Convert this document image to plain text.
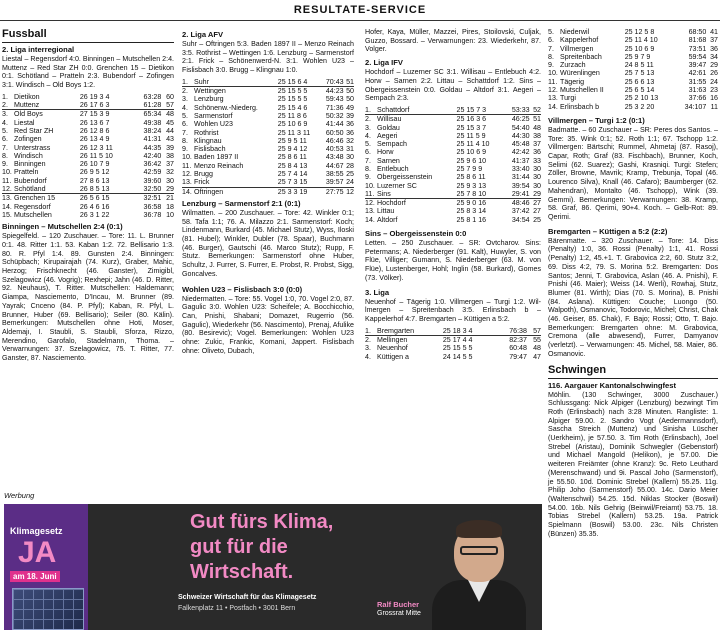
RESULTATE-SERVICE
Fussball
2. Liga interregional
Liestal – Regensdorf 4:0. Binningen – Mutschellen 2:4. Muttenz – Red Star ZH 0:0. Grenchen 15 – Dietikon 0:1. Schötland – Pratteln 2:3. Bubendorf – Zofingen 3:1. Windisch – Old Boys 1:2.
1.	Dietikon	26 19 3 4	63:28	60
2.	Muttenz	26 17 6 3	61:28	57
3.	Old Boys	27 15 3 9	65:34	48
4.	Liestal	26 13 6 7	49:38	45
5.	Red Star ZH	26 12 8 6	38:24	44
6.	Zofingen	26 13 4 9	41:31	43
7.	Unterstrass	26 12 3 11	44:35	39
8.	Windisch	26 11 5 10	42:40	38
9.	Binningen	26 10 7 9	36:42	37
10.	Pratteln	26 9 5 12	42:59	32
11.	Bubendorf	27 8 6 13	39:60	30
12.	Schötland	26 8 5 13	32:50	29
13.	Grenchen 15	26 5 6 15	32:51	21
14.	Regensdorf	26 4 6 16	36:58	18
15.	Mutschellen	26 3 1 22	36:78	10
Binningen – Mutschellen 2:4 (0:1)
Spiegelfeld. – 120 Zuschauer. – Tore: 11. L. Brunner 0:1. 48. Ritter 1:1. 53. Kaban 1:2. 72. Bellisario 1:3. 80. R. Pfyl 1:4. 89. Gunsten 2:4. Binningen: Schüpbach; Kirupairajah (74. Kurz), Graber, Mahic, Herzog; Frischknecht (46. Ganster), Zimigibl, Szelagowicz (46. Vogrig); Rexhepi; Jahn (46. D. Ritter, 92. Neuhaus), T. Ritter. Mutschellen: Haldemann; Giampa, Nasciemento, D'Incau, M. Brunner (89. Yayrak; Cnceno (84. P. Pfyl); Kaban, R. Pfyl, L. Brunner, Huber (69. Bellisario); Seiler (80. Kälin). Bemerkungen: Mutschellen ohne Hoti, Moser, Aldemajı, I. Staubli, S. Staubli, Sforza, Rizzo, Merendino, Garofalo, Stadelmann, Thoma. – Verwarnungen: 37. Szelagowicz, 75. T. Ritter, 77. Ganster, 87. Nasciemento.
2. Liga AFV
Suhr – Oftringen 5:3. Baden 1897 II – Menzo Reinach 3:5. Rothrist – Wettingen 1:6. Lenzburg – Sarmenstorf 2:1. Frick – Schönenwerd-N. 3:1. Wohlen U23 – Fislisbach 3:0. Brugg – Klingnau 1:0.
1.	Suhr	25 15 6 4	70:43	51
2.	Wettingen	25 15 5 5	44:23	50
3.	Lenzburg	25 15 5 5	59:43	50
4.	Schönenw.-Niederg.	25 15 4 6	71:36	49
5.	Sarmenstorf	25 11 8 6	50:32	39
6.	Wohlen U23	25 10 6 9	41:44	36
7.	Rothrist	25 11 3 11	60:50	36
8.	Klingnau	25 9 5 11	46:46	32
9.	Fislisbach	25 9 4 12	40:53	31
10.	Baden 1897 II	25 8 6 11	43:48	30
11.	Menzo Reinach	25 8 4 13	44:67	28
12.	Brugg	25 7 4 14	38:55	25
13.	Frick	25 7 3 15	39:57	24
14.	Oftringen	25 3 3 19	27:75	12
Lenzburg – Sarmenstorf 2:1 (0:1)
Wilmatten. – 200 Zuschauer. – Tore: 42. Winkler 0:1; 58. Tafa 1:1; 76. A. Milazzo 2:1. Sarmenstorf: Koch; Lindenmann, Burkard (45. Michael Stutz), Wyss, Iloski (81. Hubel); Winkler, Dubler (78. Spaar), Buchmann (46. Burger), Gautschi (46. Marco Stutz); Rupp, F. Stutz. Bemerkungen: Sarmenstorf ohne Huber, Schultz, J. Furrer, S. Furrer, E. Probst, R. Probst, Sigg, Goncalves.
Wohlen U23 – Fislisbach 3:0 (0:0)
Niedermatten. – Tore: 55. Vogel 1:0, 70. Vogel 2:0, 87. Gagulic 3:0. Wohlen U23: Scheifele; A. Bocchicchio, Can, Pnishi, Shabani; Domazet, Rugerrio (56. Gagulic), Wiederkehr (56. Nascimento), Prenaj, Afulike (80. Besirevic); Vogel. Bemerkungen: Wohlen U23 ohne: Zukic, Frankic, Komani, Jappert. Fislisbach ohne: Oliveto, Dubach,
Hofer, Kaya, Müller, Mazzei, Pires, Stoilovski, Culjak, Guzzo, Bossard. – Verwarnungen: 23. Wiederkehr, 87. Volger.
2. Liga IFV
Hochdorf – Luzerner SC 3:1. Willisau – Entlebuch 4:2. Horw – Sarnen 2:2. Littau – Schattdorf 1:2. Sins – Obergeissenstein 0:0. Goldau – Altdorf 3:1. Aegeri – Sempach 2:3.
1.	Schattdorf	25 15 7 3	53:33	52
2.	Willisau	25 16 3 6	46:25	51
3.	Goldau	25 15 3 7	54:40	48
4.	Aegeri	25 11 5 9	44:30	38
5.	Sempach	25 11 4 10	45:48	37
6.	Horw	25 10 6 9	42:42	36
7.	Sarnen	25 9 6 10	41:37	33
8.	Entlebuch	25 7 9 9	33:40	30
9.	Obergeissenstein	25 8 6 11	31:44	30
10.	Luzerner SC	25 9 3 13	39:54	30
11.	Sins	25 7 8 10	29:41	29
12.	Hochdorf	25 9 0 16	48:46	27
13.	Littau	25 8 3 14	37:42	27
14.	Altdorf	25 8 1 16	34:54	25
Sins – Obergeissenstein 0:0
Letten. – 250 Zuschauer. – SR: Ovtcharov. Sins: Petermans; A. Niederberger (91. Kalt), Huwyler, S. von Flüe, Villiger; Gumann, S. Niederberger (63. M. von Flüe), Lustenberger, Hohl; Inglin (58. Burkard), Gomes (73. Völker).
3. Liga
Neuenhof – Tägerig 1:0. Villmergen – Turgi 1:2. Wil-lmergen – Spreitenbach 3:5. Erlinsbach b – Kappelerhof 4:7. Bremgarten – Küttigen a 5:2.
1.	Bremgarten	25 18 3 4	76:38	57
2.	Mellingen	25 17 4 4	82:37	55
3.	Neuenhof	25 15 5 5	60:48	48
4.	Küttigen a	24 14 5 5	79:47	47
5.	Niederwil	25 12 5 8	68:50	41
6.	Kappelerhof	25 11 4 10	81:68	37
7.	Villmergen	25 10 6 9	73:51	36
8.	Spreitenbach	25 9 7 9	59:54	34
9.	Zurzach	24 8 5 11	39:47	29
10.	Würenlingen	25 7 5 13	42:61	26
11.	Tägerig	25 6 6 13	31:55	24
12.	Mutschellen II	25 6 5 14	31:63	23
13.	Turgi	25 2 10 13	37:66	16
14.	Erlinsbach b	25 3 2 20	34:107	11
Villmergen – Turgi 1:2 (0:1)
Badmatte. – 60 Zuschauer – SR: Peres dos Santos. – Tore: 35. Wink 0:1; 52. Roth 1:1; 67. Tschopp 1:2. Villmergen: Bärtschi; Rummel, Ahmetaj (87. Rasoj), Capar, Roth; Graf (83. Fischbach), Brunner, Koch, Selimi (62. Suarez); Gashi, Krasniqi. Turgi: Stefen; Zöller, Browne, Mavrik; Kramp, Trebunja, Topal (46. Lourenco Silva), Knall (46. Cafaro); Baumberger (62. Mahendran), Montalto (46. Tschopp), Wink (39. Gemmi). Bemerkungen: Verwarnungen: 38. Kramp, 58. Graf, 86. Qerimi, 90+4. Koch. – Gelb-Rot: 89. Qerimi.
Bremgarten – Küttigen a 5:2 (2:2)
Bärenmatte. – 320 Zuschauer. – Tore: 14. Diss (Penalty) 1:0, 36. Rossi (Penalty) 1:1, 41. Rossi (Penalty) 1:2, 45.+1. T. Grabovica 2:2, 60. Stutz 3:2, 69. Diss 4:2, 79. S. Morina 5:2. Bremgarten: Dos Santos; Jenni, T. Grabovica, Aslan (46. A. Pnishi), F. Pnishi (46. Maier); Weiss (14. Werli), Rowhaj, Stutz, Blumer (81. Wirth); Dias (70. S. Morina), B. Pnishi (84. Aslana). Küttigen: Couche; Luongo (50. Walpoth), Osmanovic, Todorovic, Michel; Christ, Chak (46. Geiser, 85. Chak), F. Bajo; Rossi; Otto, T. Bajo. Bemerkungen: Bremgarten ohne: M. Grabovica, Cremona (alle abwesend), Furrer, Damyanov (verletzt). – Verwarnungen: 45. Michel, 58. Maier, 86. Osmanovic.
Schwingen
116. Aargauer Kantonalschwingfest
Möhlin. (130 Schwinger, 3000 Zuschauer.) Schlussgang: Nick Alpiger (Lenzburg) bezwingt Tim Roth (Erlinsbach) nach 3:28 Minuten. Rangliste: 1. Alpiger 59.00. 2. Sandro Vogt (Aedermannsdorf), Sascha Streich (Muttenz) und Sinisha Lüscher (Uerkheim), je 57.50. 3. Tim Roth (Erlinsbach), Joel Strebel (Aristau), Dominik Schwegler (Gebenstorf) und Michael Mangold (Helikon), je 57.00. Die weiteren Freiämter (ohne Kranz): 9c. Reto Leuthard (Merenschwand) und 9i. Pascal Joho (Sarmenstorf), je 55.50. 10d. Dominic Strebel (Kallern) 55.25. 11g. Philip Joho (Sarmenstorf) 55.00. 14c. Dario Meier (Waltenschwil) 54.25. 15d. Niklas Stocker (Boswil) 54.00. 16b. Nils Gehrig (Beinwil/Freiamt) 53.75. 18. Tobias Strebel (Kallern) 53.25. 19a. Patrick Spielmann (Boswil) 53.00. 23c. Nils Christen (Bünzen) 35.35.
Werbung
Klimagesetz
JA
am 18. Juni
Gut fürs Klima,
gut für die
Wirtschaft.
Schweizer Wirtschaft für das Klimagesetz
Falkenplatz 11 • Postfach • 3001 Bern	Ralf Bucher
Grossrat Mitte
